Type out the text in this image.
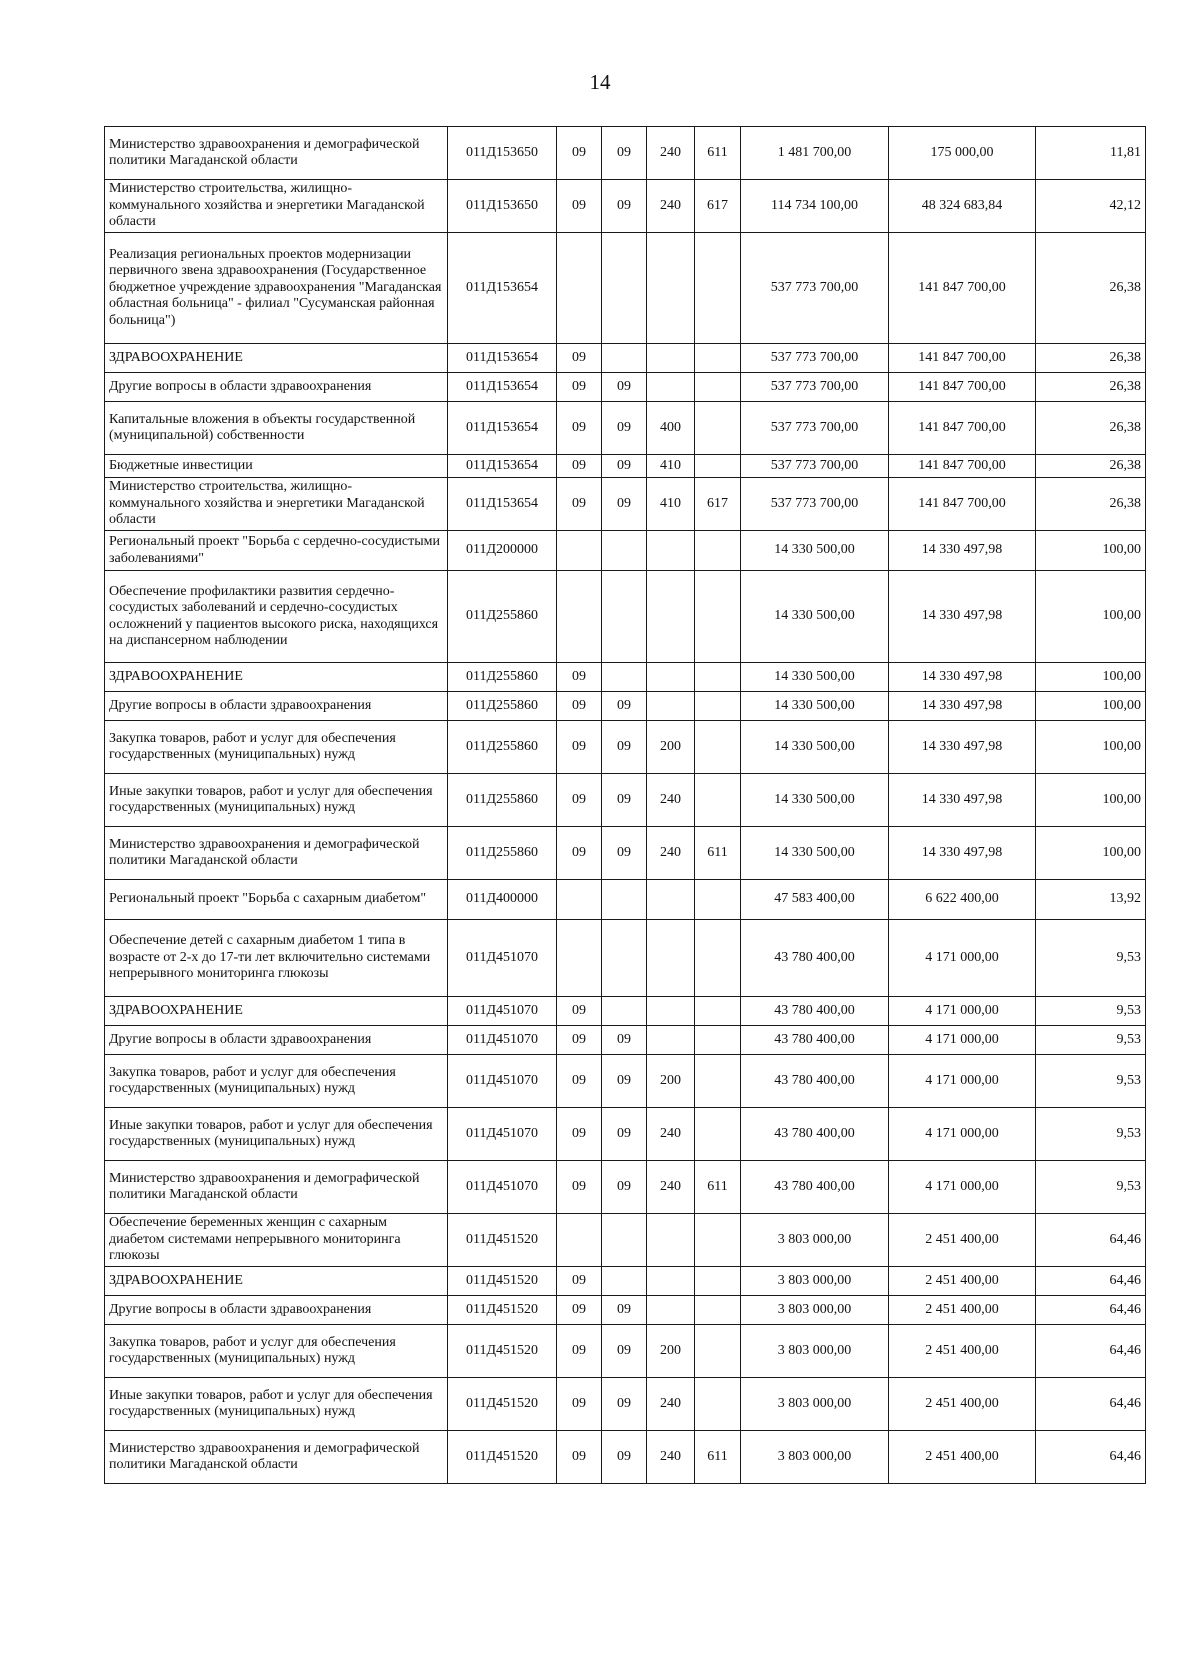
14
Министерство здравоохранения и демографической политики Магаданской области	011Д153650	09	09	240	611	1 481 700,00	175 000,00	11,81
Министерство строительства, жилищно-коммунального хозяйства и энергетики Магаданской области	011Д153650	09	09	240	617	114 734 100,00	48 324 683,84	42,12
Реализация региональных проектов модернизации первичного звена здравоохранения (Государственное бюджетное учреждение здравоохранения "Магаданская областная больница" - филиал "Сусуманская районная больница")	011Д153654					537 773 700,00	141 847 700,00	26,38
ЗДРАВООХРАНЕНИЕ	011Д153654	09				537 773 700,00	141 847 700,00	26,38
Другие вопросы в области здравоохранения	011Д153654	09	09			537 773 700,00	141 847 700,00	26,38
Капитальные вложения в объекты государственной (муниципальной) собственности	011Д153654	09	09	400		537 773 700,00	141 847 700,00	26,38
Бюджетные инвестиции	011Д153654	09	09	410		537 773 700,00	141 847 700,00	26,38
Министерство строительства, жилищно-коммунального хозяйства и энергетики Магаданской области	011Д153654	09	09	410	617	537 773 700,00	141 847 700,00	26,38
Региональный проект "Борьба с сердечно-сосудистыми заболеваниями"	011Д200000					14 330 500,00	14 330 497,98	100,00
Обеспечение профилактики развития сердечно-сосудистых заболеваний и сердечно-сосудистых осложнений у пациентов высокого риска, находящихся на диспансерном наблюдении	011Д255860					14 330 500,00	14 330 497,98	100,00
ЗДРАВООХРАНЕНИЕ	011Д255860	09				14 330 500,00	14 330 497,98	100,00
Другие вопросы в области здравоохранения	011Д255860	09	09			14 330 500,00	14 330 497,98	100,00
Закупка товаров, работ и услуг для обеспечения государственных (муниципальных) нужд	011Д255860	09	09	200		14 330 500,00	14 330 497,98	100,00
Иные закупки товаров, работ и услуг для обеспечения государственных (муниципальных) нужд	011Д255860	09	09	240		14 330 500,00	14 330 497,98	100,00
Министерство здравоохранения и демографической политики Магаданской области	011Д255860	09	09	240	611	14 330 500,00	14 330 497,98	100,00
Региональный проект "Борьба с сахарным диабетом"	011Д400000					47 583 400,00	6 622 400,00	13,92
Обеспечение детей с сахарным диабетом 1 типа в возрасте от 2-х до 17-ти лет включительно системами непрерывного мониторинга глюкозы	011Д451070					43 780 400,00	4 171 000,00	9,53
ЗДРАВООХРАНЕНИЕ	011Д451070	09				43 780 400,00	4 171 000,00	9,53
Другие вопросы в области здравоохранения	011Д451070	09	09			43 780 400,00	4 171 000,00	9,53
Закупка товаров, работ и услуг для обеспечения государственных (муниципальных) нужд	011Д451070	09	09	200		43 780 400,00	4 171 000,00	9,53
Иные закупки товаров, работ и услуг для обеспечения государственных (муниципальных) нужд	011Д451070	09	09	240		43 780 400,00	4 171 000,00	9,53
Министерство здравоохранения и демографической политики Магаданской области	011Д451070	09	09	240	611	43 780 400,00	4 171 000,00	9,53
Обеспечение беременных женщин с сахарным диабетом системами непрерывного мониторинга глюкозы	011Д451520					3 803 000,00	2 451 400,00	64,46
ЗДРАВООХРАНЕНИЕ	011Д451520	09				3 803 000,00	2 451 400,00	64,46
Другие вопросы в области здравоохранения	011Д451520	09	09			3 803 000,00	2 451 400,00	64,46
Закупка товаров, работ и услуг для обеспечения государственных (муниципальных) нужд	011Д451520	09	09	200		3 803 000,00	2 451 400,00	64,46
Иные закупки товаров, работ и услуг для обеспечения государственных (муниципальных) нужд	011Д451520	09	09	240		3 803 000,00	2 451 400,00	64,46
Министерство здравоохранения и демографической политики Магаданской области	011Д451520	09	09	240	611	3 803 000,00	2 451 400,00	64,46
